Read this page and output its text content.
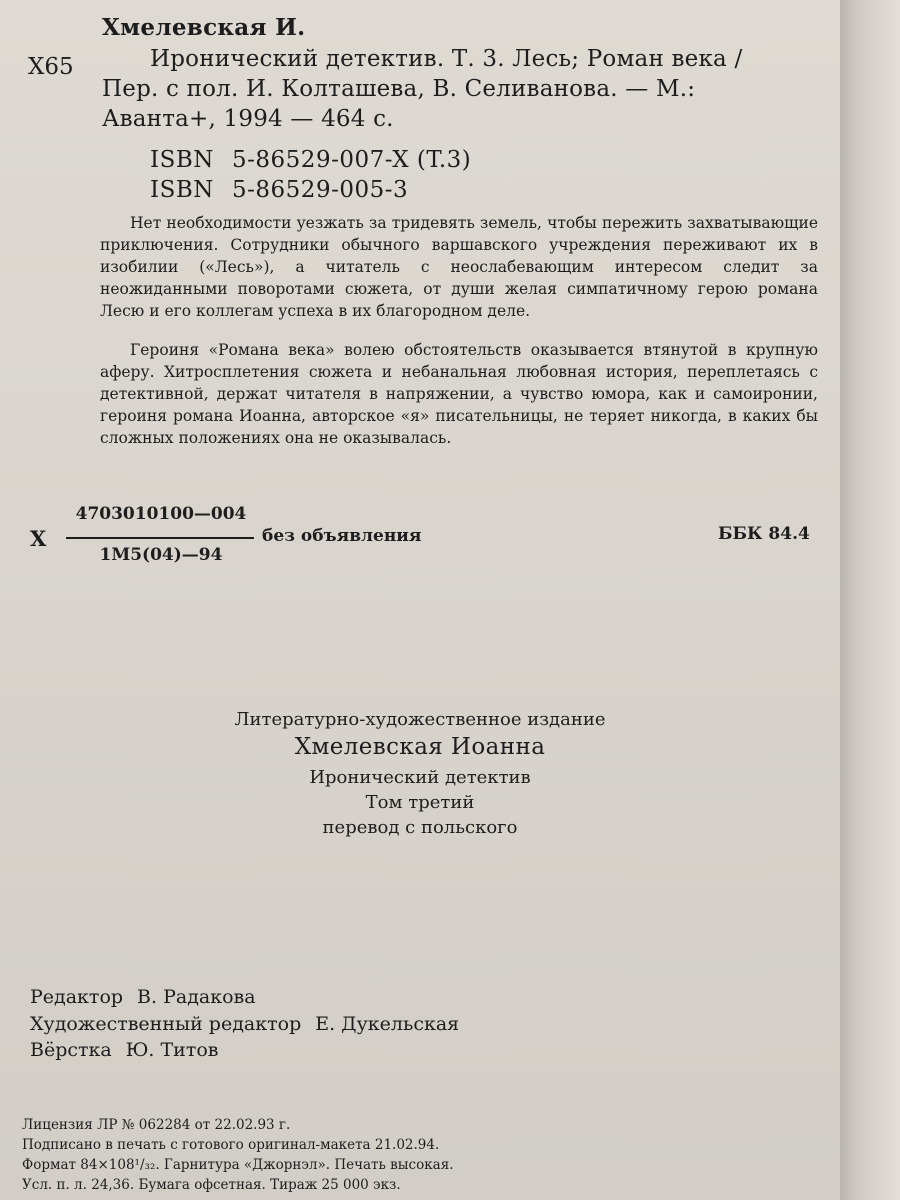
Хмелевская И.
X65	Иронический детектив. Т. 3. Лесь; Роман века /
Пер. с пол. И. Колташева, В. Селиванова. — М.:
Аванта+, 1994 — 464 с.
ISBN 5-86529-007-X (T.3)
ISBN 5-86529-005-3

Нет необходимости уезжать за тридевять земель, чтобы пережить захватывающие приключения. Сотрудники обычного варшавского учреждения переживают их в изобилии («Лесь»), а читатель с неослабевающим интересом следит за неожиданными поворотами сюжета, от души желая симпатичному герою романа Лесю и его коллегам успеха в их благородном деле.

Героиня «Романа века» волею обстоятельств оказывается втянутой в крупную аферу. Хитросплетения сюжета и небанальная любовная история, переплетаясь с детективной, держат читателя в напряжении, а чувство юмора, как и самоиронии, героиня романа Иоанна, авторское «я» писательницы, не теряет никогда, в каких бы сложных положениях она не оказывалась.

X
4703010100—004
1M5(04)—94
без объявления	ББК 84.4
Литературно-художественное издание
Хмелевская Иоанна
Иронический детектив
Том третий
перевод с польского
Редактор В. Радакова
Художественный редактор Е. Дукельская
Вёрстка Ю. Титов
Лицензия ЛР № 062284 от 22.02.93 г.
Подписано в печать с готового оригинал-макета 21.02.94.
Формат 84×108¹/₃₂. Гарнитура «Джорнэл». Печать высокая.
Усл. п. л. 24,36. Бумага офсетная. Тираж 25 000 экз.
